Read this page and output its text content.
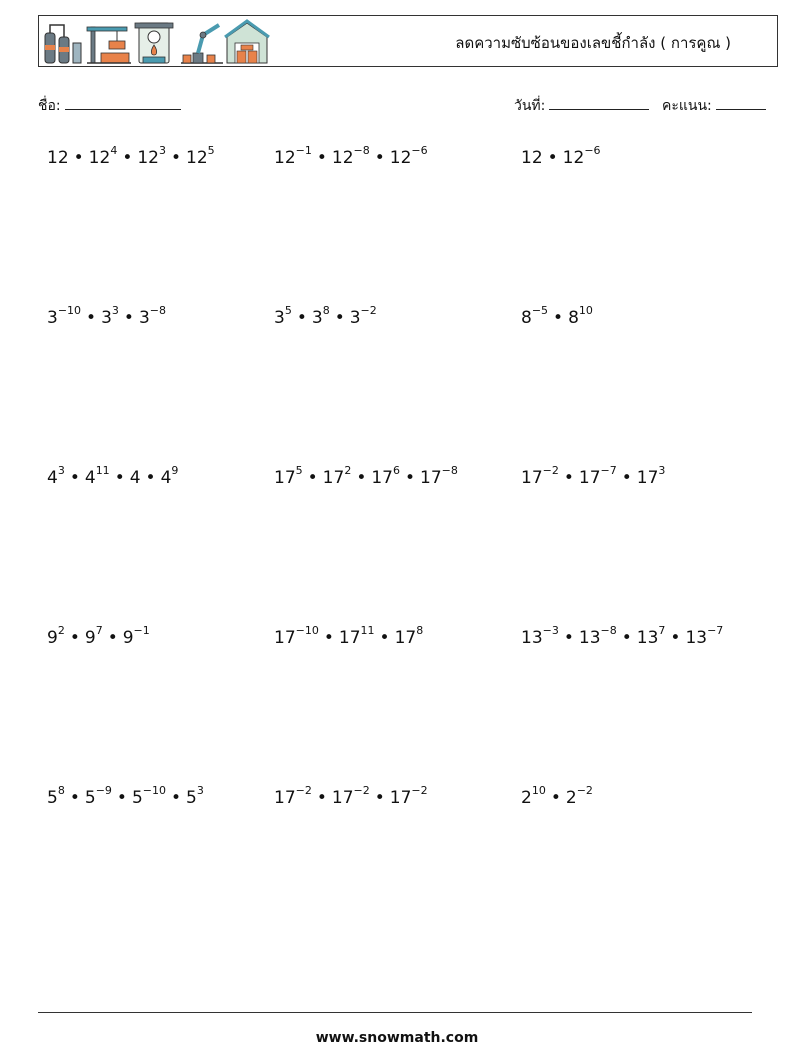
ลดความซับซ้อนของเลขชี้กำลัง ( การคูณ )
ชื่อ:	วันที่:	คะแนน:
12 • $12^4$ • $12^3$ • $12^5$	$12^{-1}$ • $12^{-8}$ • $12^{-6}$	12 • $12^{-6}$
$3^{-10}$ • $3^3$ • $3^{-8}$	$3^5$ • $3^8$ • $3^{-2}$	$8^{-5}$ • $8^{10}$
$4^3$ • $4^{11}$ • 4 • $4^9$	$17^5$ • $17^2$ • $17^6$ • $17^{-8}$	$17^{-2}$ • $17^{-7}$ • $17^3$
$9^2$ • $9^7$ • $9^{-1}$	$17^{-10}$ • $17^{11}$ • $17^8$	$13^{-3}$ • $13^{-8}$ • $13^7$ • $13^{-7}$
$5^8$ • $5^{-9}$ • $5^{-10}$ • $5^3$	$17^{-2}$ • $17^{-2}$ • $17^{-2}$	$2^{10}$ • $2^{-2}$
www.snowmath.com
